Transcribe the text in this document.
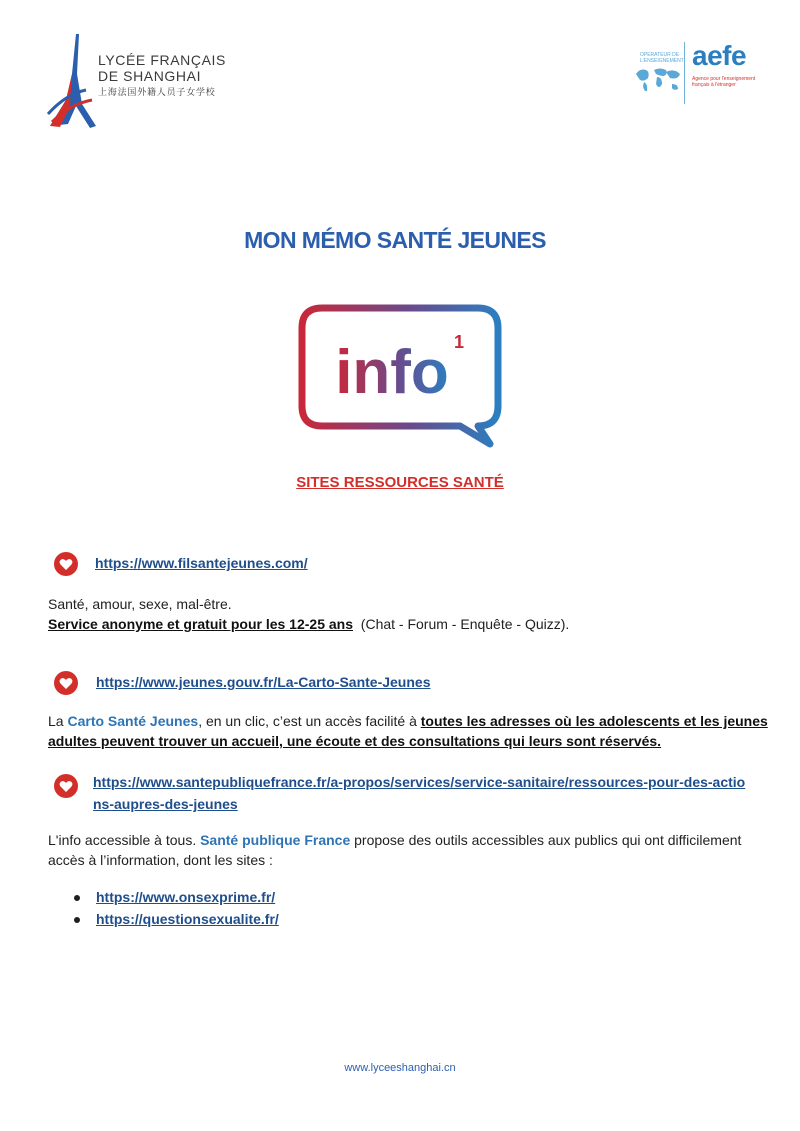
LYCÉE FRANÇAIS
DE SHANGHAI
上海法国外籍人员子女学校
OPERATEUR DE L'ENSEIGNEMENT aefe
Agence pour l'enseignement français à l'étranger
MON MÉMO SANTÉ JEUNES
info 1
SITES RESSOURCES SANTÉ
https://www.filsantejeunes.com/
Santé, amour, sexe, mal-être.
Service anonyme et gratuit pour les 12-25 ans  (Chat - Forum - Enquête - Quizz).
https://www.jeunes.gouv.fr/La-Carto-Sante-Jeunes
La Carto Santé Jeunes, en un clic, c’est un accès facilité à toutes les adresses où les adolescents et les jeunes adultes peuvent trouver un accueil, une écoute et des consultations qui leurs sont réservés.
https://www.santepubliquefrance.fr/a-propos/services/service-sanitaire/ressources-pour-des-actions-aupres-des-jeunes
L'info accessible à tous. Santé publique France propose des outils accessibles aux publics qui ont difficilement accès à l’information, dont les sites :
https://www.onsexprime.fr/
https://questionsexualite.fr/
www.lyceeshanghai.cn
